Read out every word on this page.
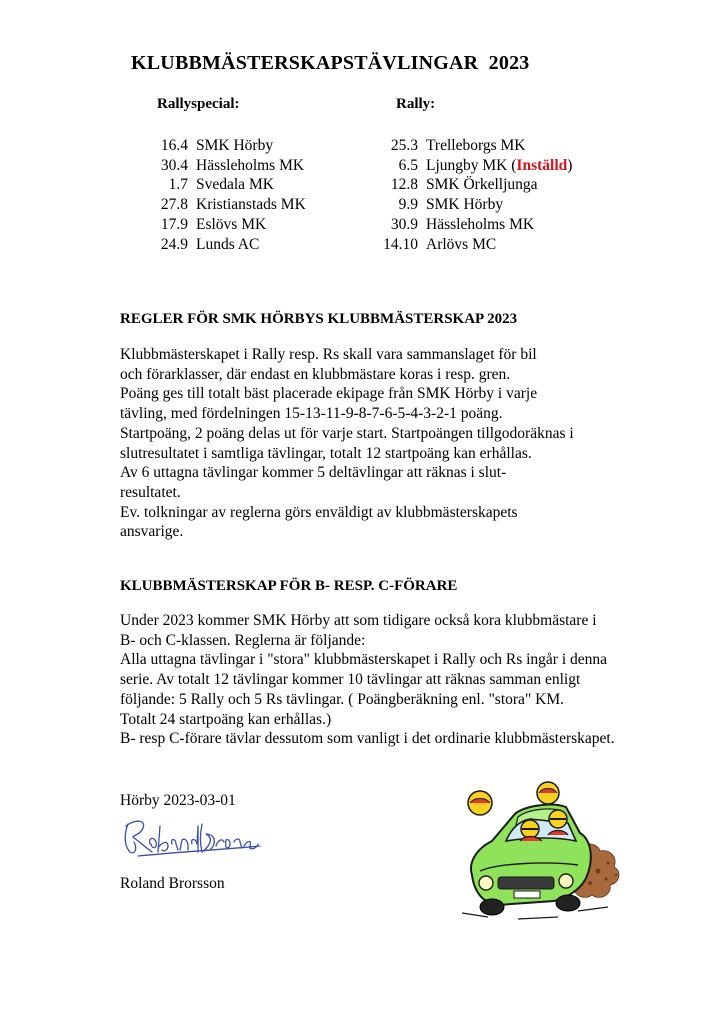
KLUBBMÄSTERSKAPSTÄVLINGAR  2023
Rallyspecial:	Rally:
16.4 SMK Hörby
30.4 Hässleholms MK
1.7 Svedala MK
27.8 Kristianstads MK
17.9 Eslövs MK
24.9 Lunds AC
25.3 Trelleborgs MK
6.5 Ljungby MK (Inställd)
12.8 SMK Örkelljunga
9.9 SMK Hörby
30.9 Hässleholms MK
14.10 Arlövs MC
REGLER FÖR SMK HÖRBYS KLUBBMÄSTERSKAP 2023
Klubbmästerskapet i Rally resp. Rs skall vara sammanslaget för bil
och förarklasser, där endast en klubbmästare koras i resp. gren.
Poäng ges till totalt bäst placerade ekipage från SMK Hörby i varje
tävling, med fördelningen 15-13-11-9-8-7-6-5-4-3-2-1 poäng.
Startpoäng, 2 poäng delas ut för varje start. Startpoängen tillgodoräknas i
slutresultatet i samtliga tävlingar, totalt 12 startpoäng kan erhållas.
Av 6 uttagna tävlingar kommer 5 deltävlingar att räknas i slut-
resultatet.
Ev. tolkningar av reglerna görs enväldigt av klubbmästerskapets
ansvarige.
KLUBBMÄSTERSKAP FÖR B- RESP. C-FÖRARE
Under 2023 kommer SMK Hörby att som tidigare också kora klubbmästare i
B- och C-klassen. Reglerna är följande:
Alla uttagna tävlingar i "stora" klubbmästerskapet i Rally och Rs ingår i denna
serie. Av totalt 12 tävlingar kommer 10 tävlingar att räknas samman enligt
följande: 5 Rally och 5 Rs tävlingar. ( Poängberäkning enl. "stora" KM.
Totalt 24 startpoäng kan erhållas.)
B- resp C-förare tävlar dessutom som vanligt i det ordinarie klubbmästerskapet.
Hörby 2023-03-01
Roland Brorsson
